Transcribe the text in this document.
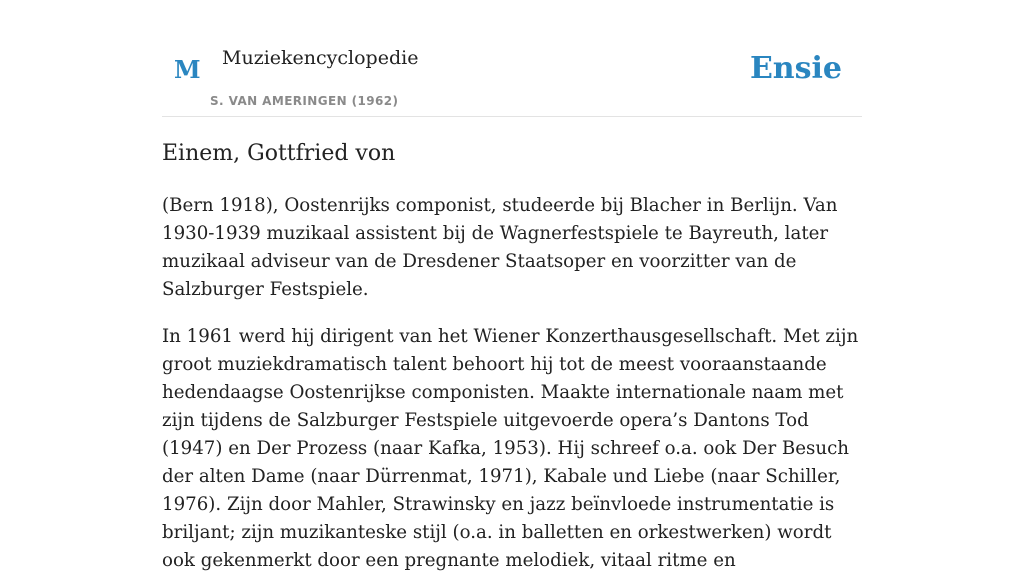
M Muziekencyclopedie
S. VAN AMERINGEN (1962)
Ensie
Einem, Gottfried von

(Bern 1918), Oostenrijks componist, studeerde bij Blacher in Berlijn. Van 1930-1939 muzikaal assistent bij de Wagnerfestspiele te Bayreuth, later muzikaal adviseur van de Dresdener Staatsoper en voorzitter van de Salzburger Festspiele.

In 1961 werd hij dirigent van het Wiener Konzerthausgesellschaft. Met zijn groot muziekdramatisch talent behoort hij tot de meest vooraanstaande hedendaagse Oostenrijkse componisten. Maakte internationale naam met zijn tijdens de Salzburger Festspiele uitgevoerde opera’s Dantons Tod (1947) en Der Prozess (naar Kafka, 1953). Hij schreef o.a. ook Der Besuch der alten Dame (naar Dürrenmat, 1971), Kabale und Liebe (naar Schiller, 1976). Zijn door Mahler, Strawinsky en jazz beïnvloede instrumentatie is briljant; zijn muzikanteske stijl (o.a. in balletten en orkestwerken) wordt ook gekenmerkt door een pregnante melodiek, vitaal ritme en
